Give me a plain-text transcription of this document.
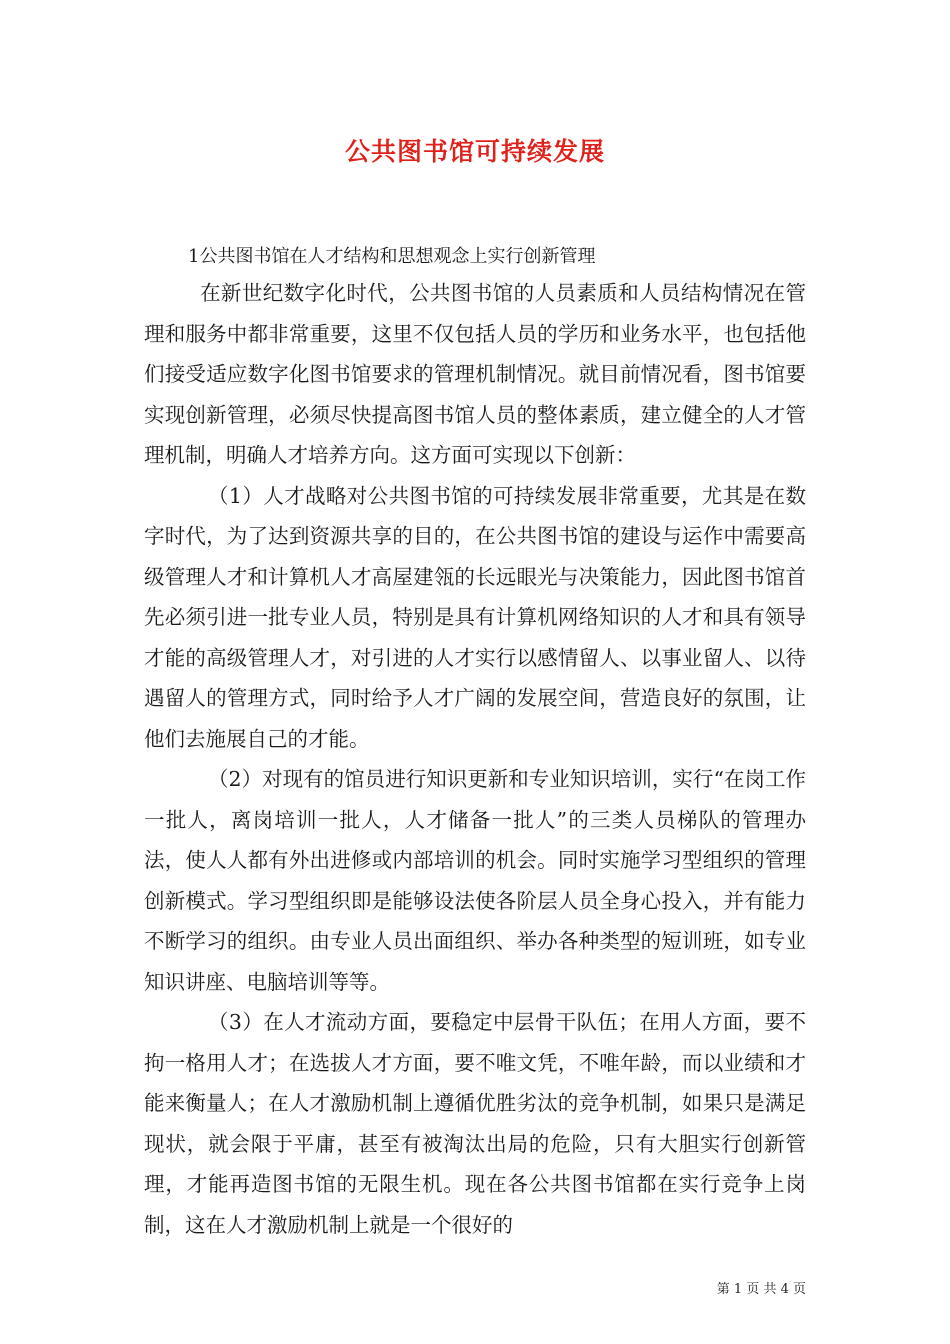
公共图书馆可持续发展

1公共图书馆在人才结构和思想观念上实行创新管理

在新世纪数字化时代，公共图书馆的人员素质和人员结构情况在管理和服务中都非常重要，这里不仅包括人员的学历和业务水平，也包括他们接受适应数字化图书馆要求的管理机制情况。就目前情况看，图书馆要实现创新管理，必须尽快提高图书馆人员的整体素质，建立健全的人才管理机制，明确人才培养方向。这方面可实现以下创新：

（1）人才战略对公共图书馆的可持续发展非常重要，尤其是在数字时代，为了达到资源共享的目的，在公共图书馆的建设与运作中需要高级管理人才和计算机人才高屋建瓴的长远眼光与决策能力，因此图书馆首先必须引进一批专业人员，特别是具有计算机网络知识的人才和具有领导才能的高级管理人才，对引进的人才实行以感情留人、以事业留人、以待遇留人的管理方式，同时给予人才广阔的发展空间，营造良好的氛围，让他们去施展自己的才能。

（2）对现有的馆员进行知识更新和专业知识培训，实行“在岗工作一批人，离岗培训一批人，人才储备一批人”的三类人员梯队的管理办法，使人人都有外出进修或内部培训的机会。同时实施学习型组织的管理创新模式。学习型组织即是能够设法使各阶层人员全身心投入，并有能力不断学习的组织。由专业人员出面组织、举办各种类型的短训班，如专业知识讲座、电脑培训等等。

（3）在人才流动方面，要稳定中层骨干队伍；在用人方面，要不拘一格用人才；在选拔人才方面，要不唯文凭，不唯年龄，而以业绩和才能来衡量人；在人才激励机制上遵循优胜劣汰的竞争机制，如果只是满足现状，就会限于平庸，甚至有被淘汰出局的危险，只有大胆实行创新管理，才能再造图书馆的无限生机。现在各公共图书馆都在实行竞争上岗制，这在人才激励机制上就是一个很好的

第 1 页 共 4 页
